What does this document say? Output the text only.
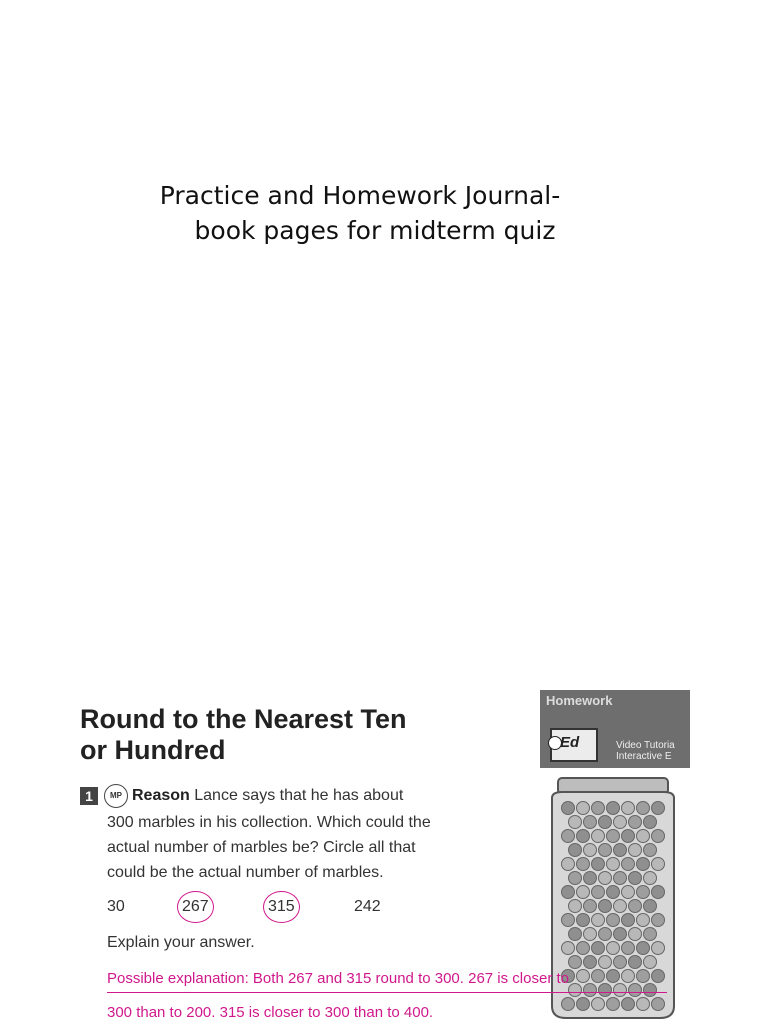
Practice and Homework Journal-
book pages for midterm quiz
Round to the Nearest Ten
or Hundred
Homework
Ed	Video Tutoria
Interactive E
1 MP Reason Lance says that he has about
300 marbles in his collection. Which could the
actual number of marbles be? Circle all that
could be the actual number of marbles.
30	267	315	242
Explain your answer.
Possible explanation: Both 267 and 315 round to 300. 267 is closer to
300 than to 200. 315 is closer to 300 than to 400.
